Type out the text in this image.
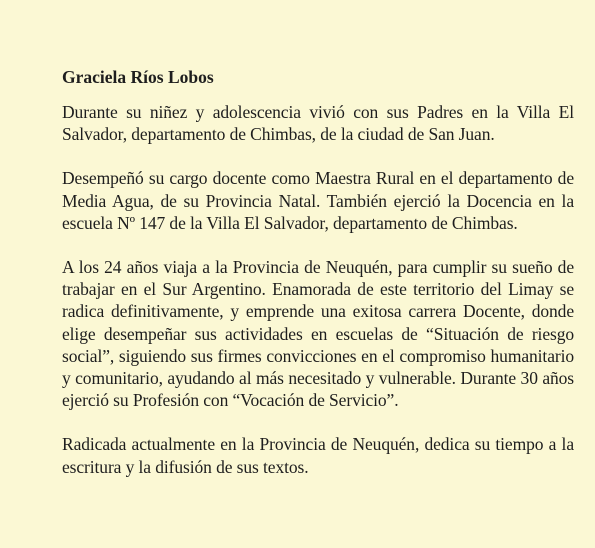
Graciela Ríos Lobos

Durante su niñez y adolescencia vivió con sus Padres en la Villa El Salvador, departamento de Chimbas, de la ciudad de San Juan.

Desempeñó su cargo docente como Maestra Rural en el departamento de Media Agua, de su Provincia Natal. También ejerció la Docencia en la escuela Nº 147 de la Villa El Salvador, departamento de Chimbas.

A los 24 años viaja a la Provincia de Neuquén, para cumplir su sueño de trabajar en el Sur Argentino. Enamorada de este territorio del Limay se radica definitivamente, y emprende una exitosa carrera Docente, donde elige desempeñar sus actividades en escuelas de “Situación de riesgo social”, siguiendo sus firmes convicciones en el compromiso humanitario y comunitario, ayudando al más necesitado y vulnerable. Durante 30 años ejerció su Profesión con “Vocación de Servicio”.

Radicada actualmente en la Provincia de Neuquén, dedica su tiempo a la escritura y la difusión de sus textos.
